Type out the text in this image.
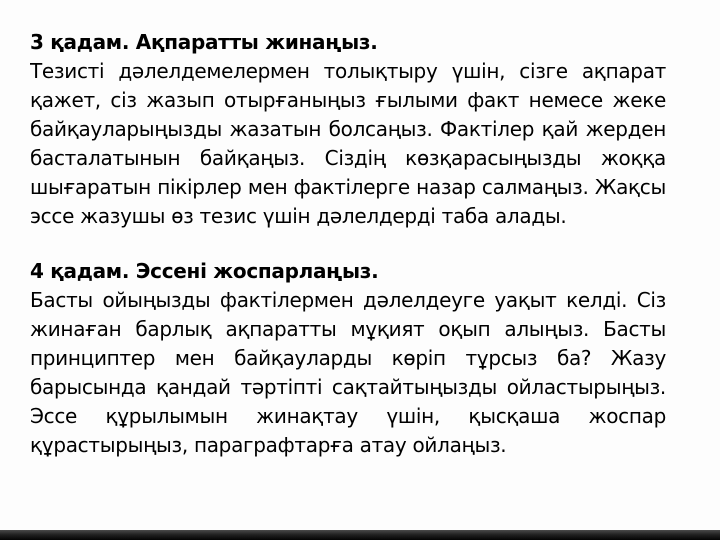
3 қадам. Ақпаратты жинаңыз.
Тезисті дәлелдемелермен толықтыру үшін, сізге ақпарат
қажет, сіз жазып отырғаныңыз ғылыми факт немесе жеке
байқауларыңызды жазатын болсаңыз. Фактілер қай жерден
басталатынын байқаңыз. Сіздің көзқарасыңызды жоққа
шығаратын пікірлер мен фактілерге назар салмаңыз. Жақсы
эссе жазушы өз тезис үшін дәлелдерді таба алады.
4 қадам. Эссені жоспарлаңыз.
Басты ойыңызды фактілермен дәлелдеуге уақыт келді. Сіз
жинаған барлық ақпаратты мұқият оқып алыңыз. Басты
принциптер мен байқауларды көріп тұрсыз ба? Жазу
барысында қандай тәртіпті сақтайтыңызды ойластырыңыз.
Эссе құрылымын жинақтау үшін, қысқаша жоспар
құрастырыңыз, параграфтарға атау ойлаңыз.
